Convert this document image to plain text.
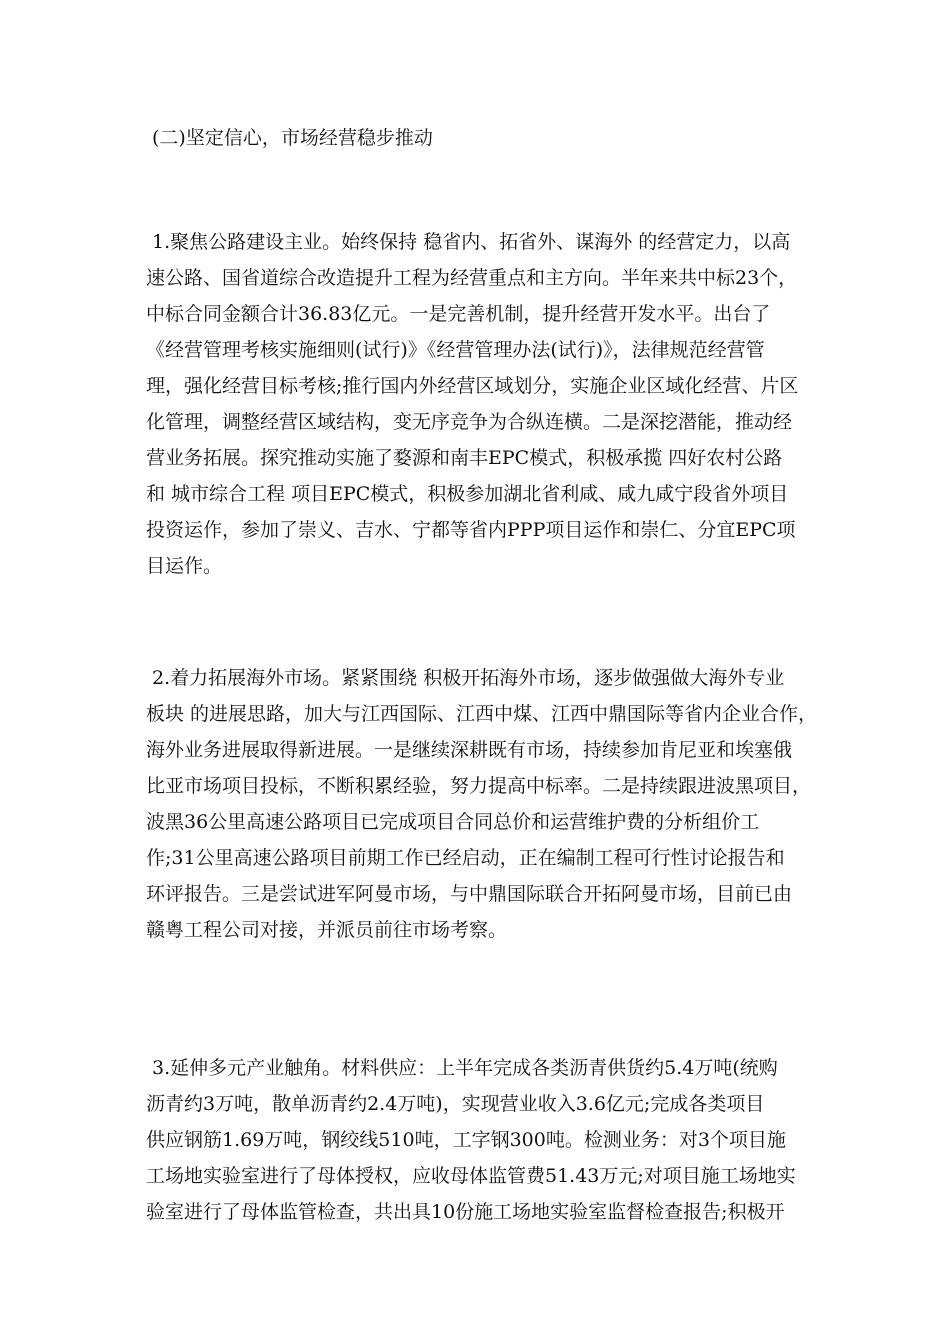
(二)坚定信心，市场经营稳步推动
1.聚焦公路建设主业。始终保持 稳省内、拓省外、谋海外 的经营定力，以高
速公路、国省道综合改造提升工程为经营重点和主方向。半年来共中标23个，
中标合同金额合计36.83亿元。一是完善机制，提升经营开发水平。出台了
《经营管理考核实施细则(试行)》《经营管理办法(试行)》，法律规范经营管
理，强化经营目标考核;推行国内外经营区域划分，实施企业区域化经营、片区
化管理，调整经营区域结构，变无序竞争为合纵连横。二是深挖潜能，推动经
营业务拓展。探究推动实施了婺源和南丰EPC模式，积极承揽 四好农村公路
和 城市综合工程 项目EPC模式，积极参加湖北省利咸、咸九咸宁段省外项目
投资运作，参加了崇义、吉水、宁都等省内PPP项目运作和崇仁、分宜EPC项
目运作。
2.着力拓展海外市场。紧紧围绕 积极开拓海外市场，逐步做强做大海外专业
板块 的进展思路，加大与江西国际、江西中煤、江西中鼎国际等省内企业合作，
海外业务进展取得新进展。一是继续深耕既有市场，持续参加肯尼亚和埃塞俄
比亚市场项目投标，不断积累经验，努力提高中标率。二是持续跟进波黑项目，
波黑36公里高速公路项目已完成项目合同总价和运营维护费的分析组价工
作;31公里高速公路项目前期工作已经启动，正在编制工程可行性讨论报告和
环评报告。三是尝试进军阿曼市场，与中鼎国际联合开拓阿曼市场，目前已由
赣粤工程公司对接，并派员前往市场考察。
3.延伸多元产业触角。材料供应：上半年完成各类沥青供货约5.4万吨(统购
沥青约3万吨，散单沥青约2.4万吨)，实现营业收入3.6亿元;完成各类项目
供应钢筋1.69万吨，钢绞线510吨，工字钢300吨。检测业务：对3个项目施
工场地实验室进行了母体授权，应收母体监管费51.43万元;对项目施工场地实
验室进行了母体监管检查，共出具10份施工场地实验室监督检查报告;积极开
